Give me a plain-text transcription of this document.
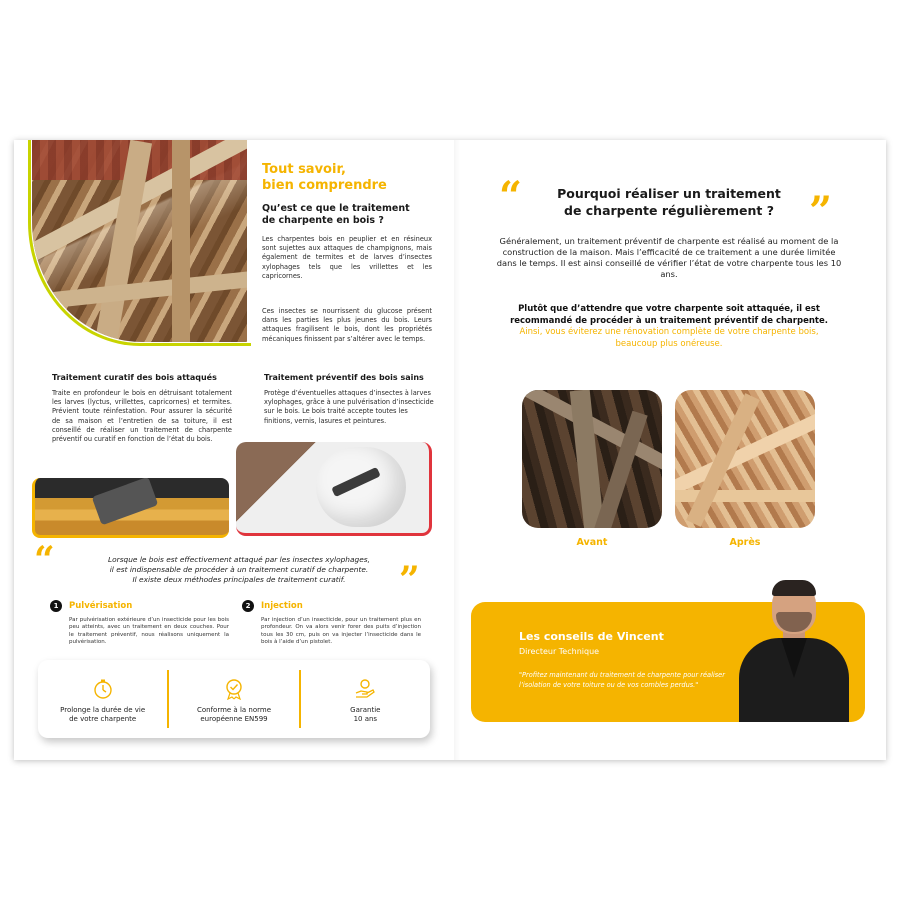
Tout savoir,
bien comprendre
Qu’est ce que le traitement
de charpente en bois ?
Les charpentes bois en peuplier et en résineux sont sujettes aux attaques de champignons, mais également de termites et de larves d’insectes xylophages tels que les vrillettes et les capricornes.
Ces insectes se nourrissent du glucose présent dans les parties les plus jeunes du bois. Leurs attaques fragilisent le bois, dont les propriétés mécaniques finissent par s’altérer avec le temps.
Traitement curatif des bois attaqués
Traite en profondeur le bois en détruisant totalement les larves (lyctus, vrillettes, capricornes) et termites. Prévient toute réinfestation. Pour assurer la sécurité de sa maison et l’entretien de sa toiture, il est conseillé de réaliser un traitement de charpente préventif ou curatif en fonction de l’état du bois.
Traitement préventif des bois sains
Protège d’éventuelles attaques d’insectes à larves xylophages, grâce à une pulvérisation d’insecticide sur le bois. Le bois traité accepte toutes les finitions, vernis, lasures et peintures.
“	Lorsque le bois est effectivement attaqué par les insectes xylophages,
il est indispensable de procéder à un traitement curatif de charpente.
Il existe deux méthodes principales de traitement curatif.	”
1	Pulvérisation
Par pulvérisation extérieure d’un insecticide pour les bois peu atteints, avec un traitement en deux couches. Pour le traitement préventif, nous réalisons uniquement la pulvérisation.
2	Injection
Par injection d’un insecticide, pour un traitement plus en profondeur. On va alors venir forer des puits d’injection tous les 30 cm, puis on va injecter l’insecticide dans le bois à l’aide d’un pistolet.
Prolonge la durée de vie
de votre charpente
Conforme à la norme
européenne EN599
Garantie
10 ans
“	Pourquoi réaliser un traitement
de charpente régulièrement ? ”
Généralement, un traitement préventif de charpente est réalisé au moment de la construction de la maison. Mais l’efficacité de ce traitement a une durée limitée dans le temps. Il est ainsi conseillé de vérifier l’état de votre charpente tous les 10 ans.
Plutôt que d’attendre que votre charpente soit attaquée, il est
recommandé de procéder à un traitement préventif de charpente.
Ainsi, vous éviterez une rénovation complète de votre charpente bois,
beaucoup plus onéreuse.
Avant	Après
Les conseils de Vincent
Directeur Technique
"Profitez maintenant du traitement de charpente pour réaliser l’isolation de votre toiture ou de vos combles perdus."
